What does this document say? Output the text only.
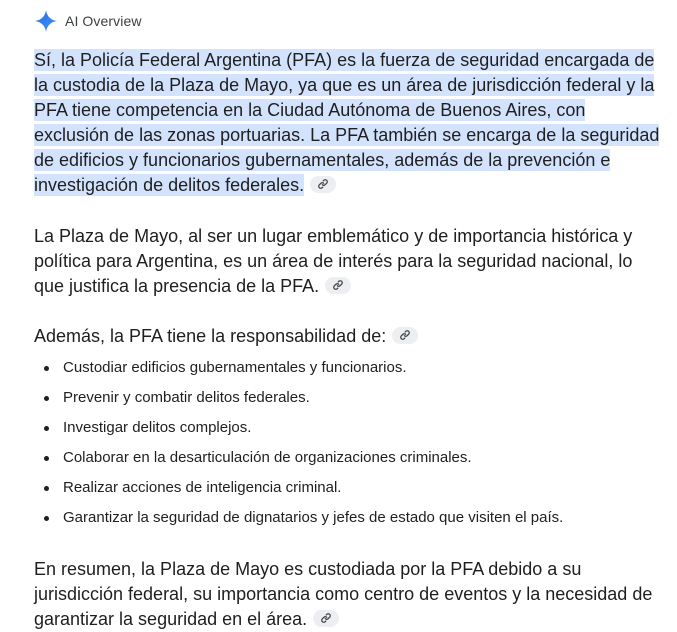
AI Overview

Sí, la Policía Federal Argentina (PFA) es la fuerza de seguridad encargada de la custodia de la Plaza de Mayo, ya que es un área de jurisdicción federal y la PFA tiene competencia en la Ciudad Autónoma de Buenos Aires, con exclusión de las zonas portuarias. La PFA también se encarga de la seguridad de edificios y funcionarios gubernamentales, además de la prevención e investigación de delitos federales.

La Plaza de Mayo, al ser un lugar emblemático y de importancia histórica y política para Argentina, es un área de interés para la seguridad nacional, lo que justifica la presencia de la PFA.

Además, la PFA tiene la responsabilidad de:

Custodiar edificios gubernamentales y funcionarios.
Prevenir y combatir delitos federales.
Investigar delitos complejos.
Colaborar en la desarticulación de organizaciones criminales.
Realizar acciones de inteligencia criminal.
Garantizar la seguridad de dignatarios y jefes de estado que visiten el país.

En resumen, la Plaza de Mayo es custodiada por la PFA debido a su jurisdicción federal, su importancia como centro de eventos y la necesidad de garantizar la seguridad en el área.
